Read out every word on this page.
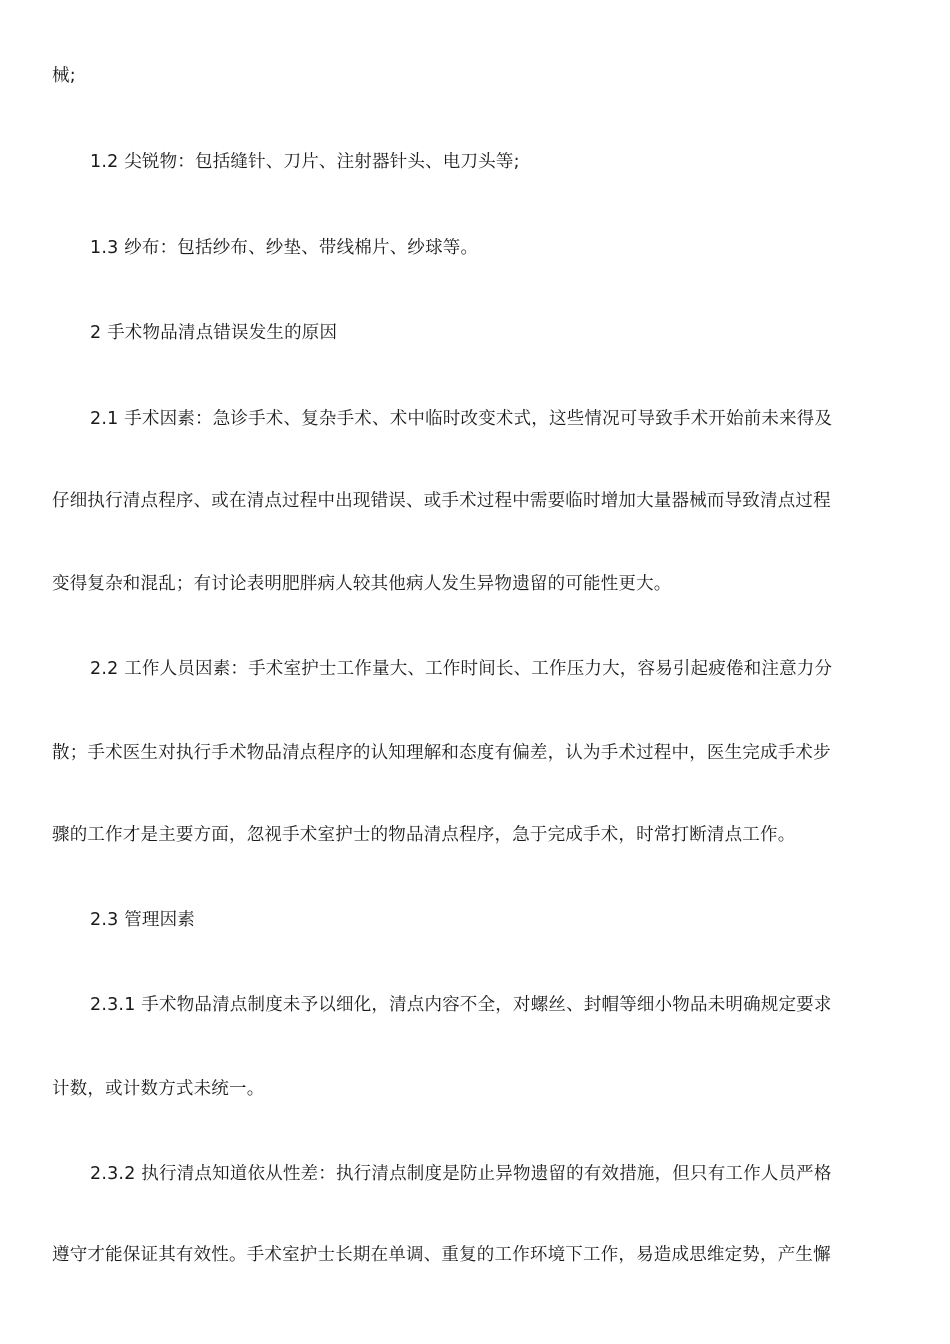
械;
1.2 尖锐物：包括缝针、刀片、注射器针头、电刀头等;
1.3 纱布：包括纱布、纱垫、带线棉片、纱球等。
2 手术物品清点错误发生的原因
2.1 手术因素：急诊手术、复杂手术、术中临时改变术式，这些情况可导致手术开始前未来得及
仔细执行清点程序、或在清点过程中出现错误、或手术过程中需要临时增加大量器械而导致清点过程
变得复杂和混乱；有讨论表明肥胖病人较其他病人发生异物遗留的可能性更大。
2.2 工作人员因素：手术室护士工作量大、工作时间长、工作压力大，容易引起疲倦和注意力分
散；手术医生对执行手术物品清点程序的认知理解和态度有偏差，认为手术过程中，医生完成手术步
骤的工作才是主要方面，忽视手术室护士的物品清点程序，急于完成手术，时常打断清点工作。
2.3 管理因素
2.3.1 手术物品清点制度未予以细化，清点内容不全，对螺丝、封帽等细小物品未明确规定要求
计数，或计数方式未统一。
2.3.2 执行清点知道依从性差：执行清点制度是防止异物遗留的有效措施，但只有工作人员严格
遵守才能保证其有效性。手术室护士长期在单调、重复的工作环境下工作，易造成思维定势，产生懈
